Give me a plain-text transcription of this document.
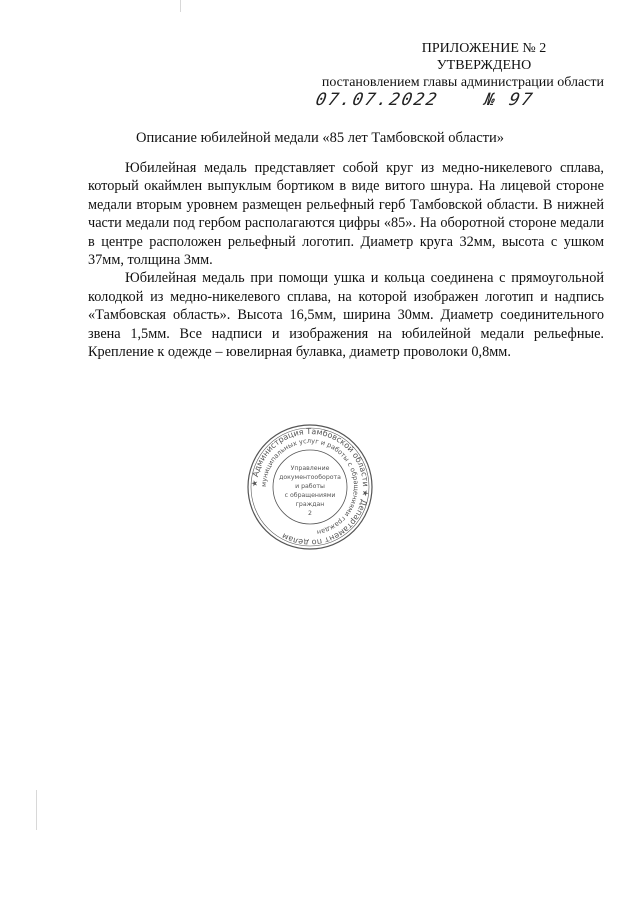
ПРИЛОЖЕНИЕ № 2
УТВЕРЖДЕНО
постановлением главы администрации области
07.07.2022 № 97
Описание юбилейной медали «85 лет Тамбовской области»

Юбилейная медаль представляет собой круг из медно-никелевого сплава, который окаймлен выпуклым бортиком в виде витого шнура. На лицевой стороне медали вторым уровнем размещен рельефный герб Тамбовской области. В нижней части медали под гербом располагаются цифры «85». На оборотной стороне медали в центре расположен рельефный логотип. Диаметр круга 32мм, высота с ушком 37мм, толщина 3мм.

Юбилейная медаль при помощи ушка и кольца соединена с прямоугольной колодкой из медно-никелевого сплава, на которой изображен логотип и надпись «Тамбовская область». Высота 16,5мм, ширина 30мм. Диаметр соединительного звена 1,5мм. Все надписи и изображения на юбилейной медали рельефные. Крепление к одежде – ювелирная булавка, диаметр проволоки 0,8мм.

★ Администрация Тамбовской области ★ Департамент по делам
муниципальных услуг и работы с обращениями граждан
Управление
документооборота
и работы
с обращениями
граждан
2
